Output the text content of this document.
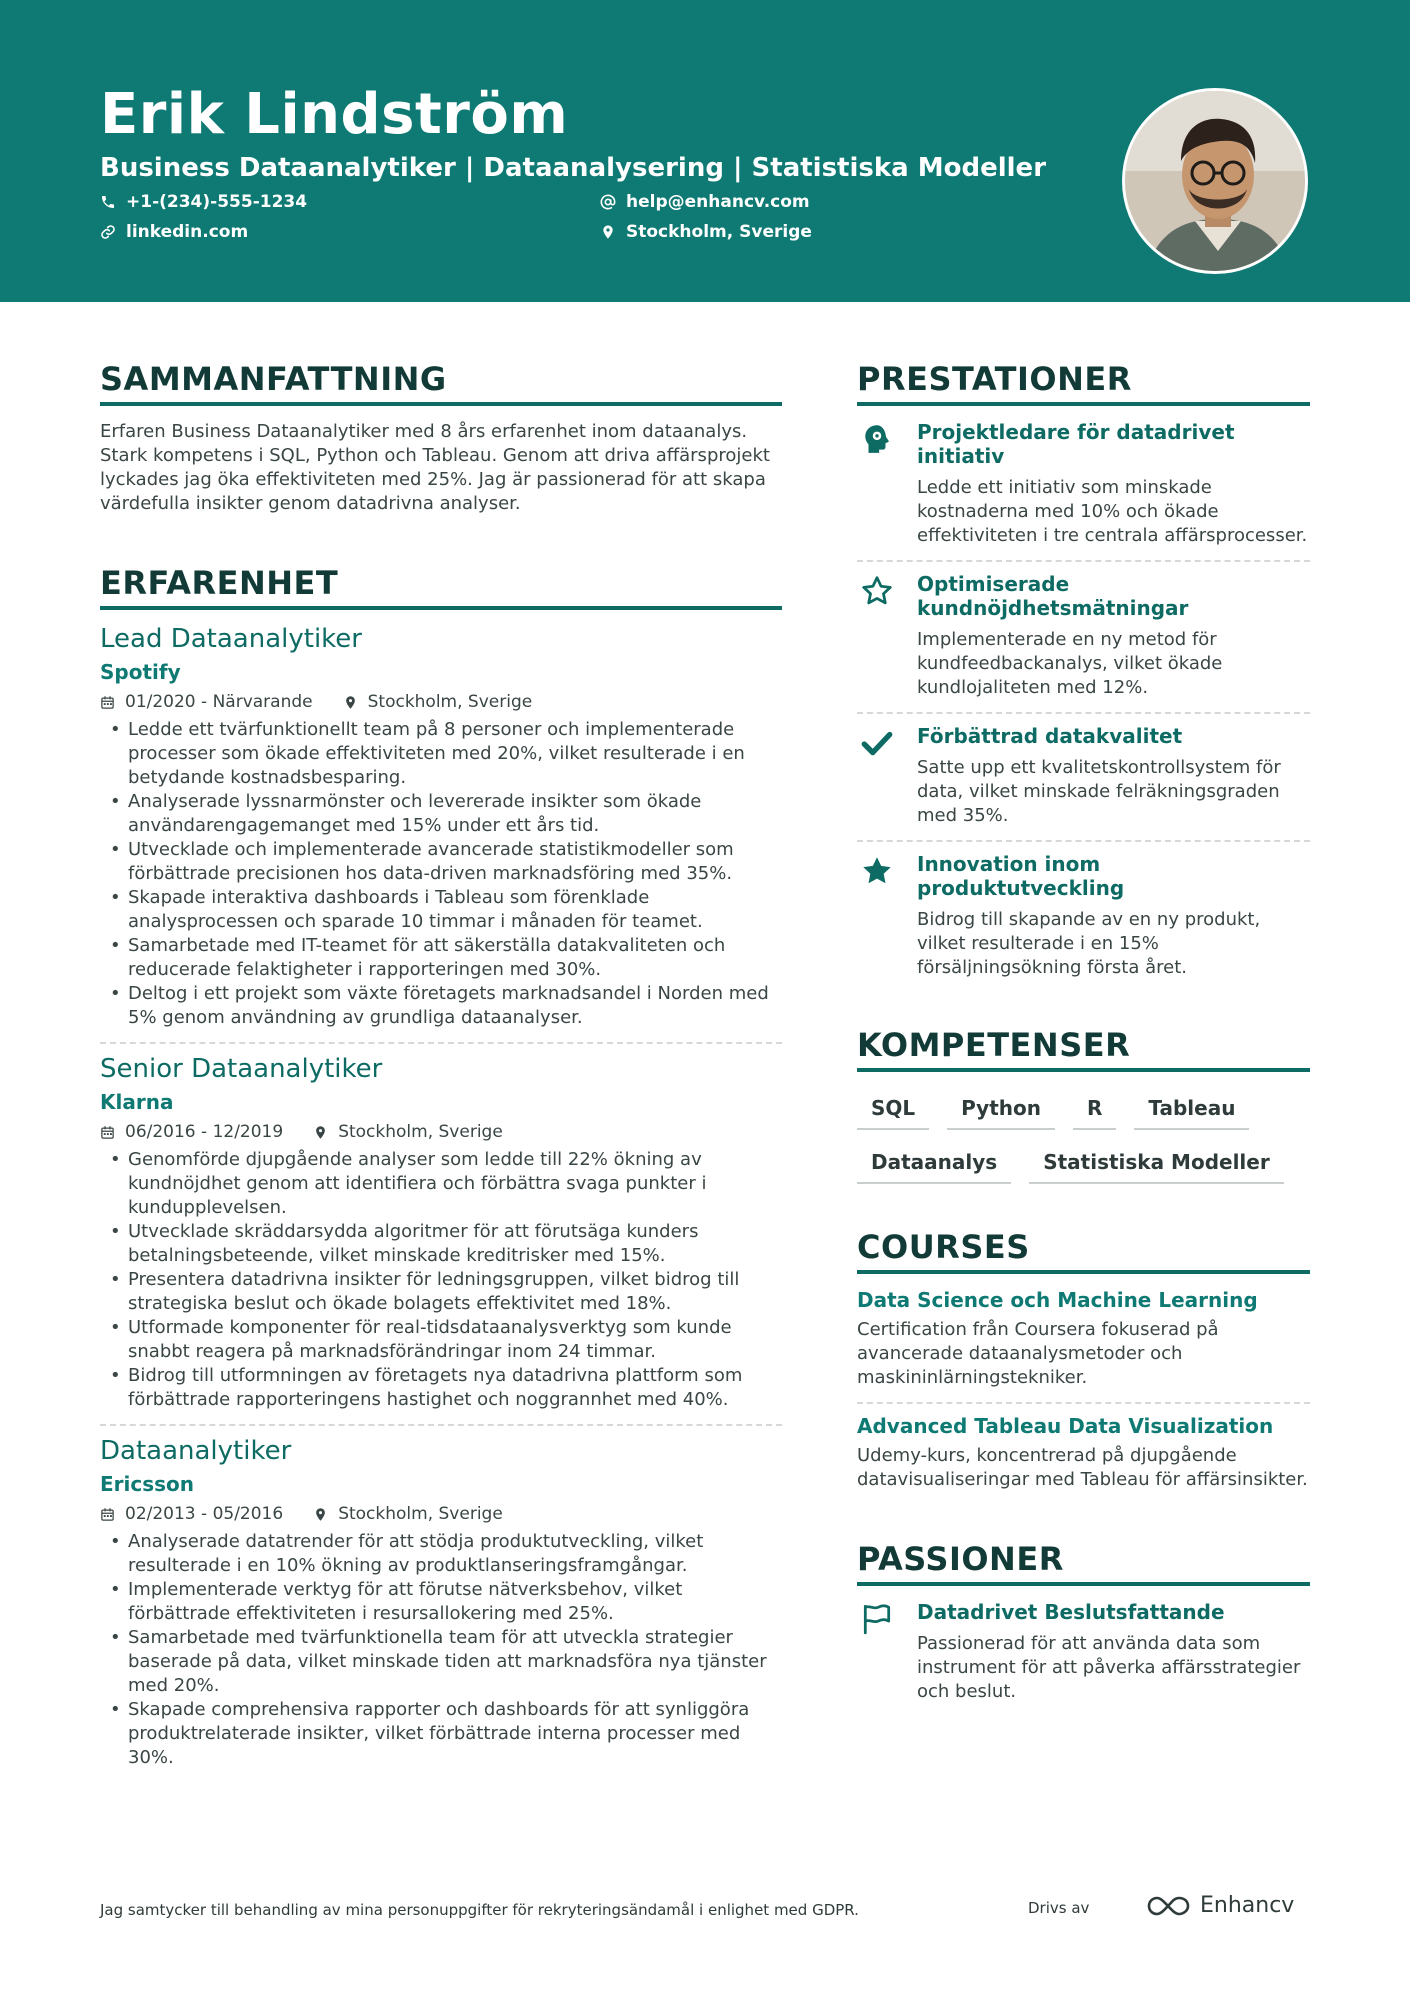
Erik Lindström
Business Dataanalytiker | Dataanalysering | Statistiska Modeller
+1-(234)-555-1234	help@enhancv.com
linkedin.com	Stockholm, Sverige
SAMMANFATTNING

Erfaren Business Dataanalytiker med 8 års erfarenhet inom dataanalys. Stark kompetens i SQL, Python och Tableau. Genom att driva affärsprojekt lyckades jag öka effektiviteten med 25%. Jag är passionerad för att skapa värdefulla insikter genom datadrivna analyser.

ERFARENHET
Lead Dataanalytiker
Spotify
01/2020 - Närvarande	Stockholm, Sverige
• Ledde ett tvärfunktionellt team på 8 personer och implementerade processer som ökade effektiviteten med 20%, vilket resulterade i en betydande kostnadsbesparing.
• Analyserade lyssnarmönster och levererade insikter som ökade användarengagemanget med 15% under ett års tid.
• Utvecklade och implementerade avancerade statistikmodeller som förbättrade precisionen hos data-driven marknadsföring med 35%.
• Skapade interaktiva dashboards i Tableau som förenklade analysprocessen och sparade 10 timmar i månaden för teamet.
• Samarbetade med IT-teamet för att säkerställa datakvaliteten och reducerade felaktigheter i rapporteringen med 30%.
• Deltog i ett projekt som växte företagets marknadsandel i Norden med 5% genom användning av grundliga dataanalyser.
Senior Dataanalytiker
Klarna
06/2016 - 12/2019	Stockholm, Sverige
• Genomförde djupgående analyser som ledde till 22% ökning av kundnöjdhet genom att identifiera och förbättra svaga punkter i kundupplevelsen.
• Utvecklade skräddarsydda algoritmer för att förutsäga kunders betalningsbeteende, vilket minskade kreditrisker med 15%.
• Presentera datadrivna insikter för ledningsgruppen, vilket bidrog till strategiska beslut och ökade bolagets effektivitet med 18%.
• Utformade komponenter för real-tidsdataanalysverktyg som kunde snabbt reagera på marknadsförändringar inom 24 timmar.
• Bidrog till utformningen av företagets nya datadrivna plattform som förbättrade rapporteringens hastighet och noggrannhet med 40%.
Dataanalytiker
Ericsson
02/2013 - 05/2016	Stockholm, Sverige
• Analyserade datatrender för att stödja produktutveckling, vilket resulterade i en 10% ökning av produktlanseringsframgångar.
• Implementerade verktyg för att förutse nätverksbehov, vilket förbättrade effektiviteten i resursallokering med 25%.
• Samarbetade med tvärfunktionella team för att utveckla strategier baserade på data, vilket minskade tiden att marknadsföra nya tjänster med 20%.
• Skapade comprehensiva rapporter och dashboards för att synliggöra produktrelaterade insikter, vilket förbättrade interna processer med 30%.
PRESTATIONER
Projektledare för datadrivet initiativ
Ledde ett initiativ som minskade kostnaderna med 10% och ökade effektiviteten i tre centrala affärsprocesser.
Optimiserade kundnöjdhetsmätningar
Implementerade en ny metod för kundfeedbackanalys, vilket ökade kundlojaliteten med 12%.
Förbättrad datakvalitet
Satte upp ett kvalitetskontrollsystem för data, vilket minskade felräkningsgraden med 35%.
Innovation inom produktutveckling
Bidrog till skapande av en ny produkt, vilket resulterade i en 15% försäljningsökning första året.
KOMPETENSER
SQL	Python	R	Tableau
Dataanalys	Statistiska Modeller
COURSES
Data Science och Machine Learning
Certification från Coursera fokuserad på avancerade dataanalysmetoder och maskininlärningstekniker.
Advanced Tableau Data Visualization
Udemy-kurs, koncentrerad på djupgående datavisualiseringar med Tableau för affärsinsikter.
PASSIONER
Datadrivet Beslutsfattande
Passionerad för att använda data som instrument för att påverka affärsstrategier och beslut.
Jag samtycker till behandling av mina personuppgifter för rekryteringsändamål i enlighet med GDPR.	Drivs av	Enhancv
